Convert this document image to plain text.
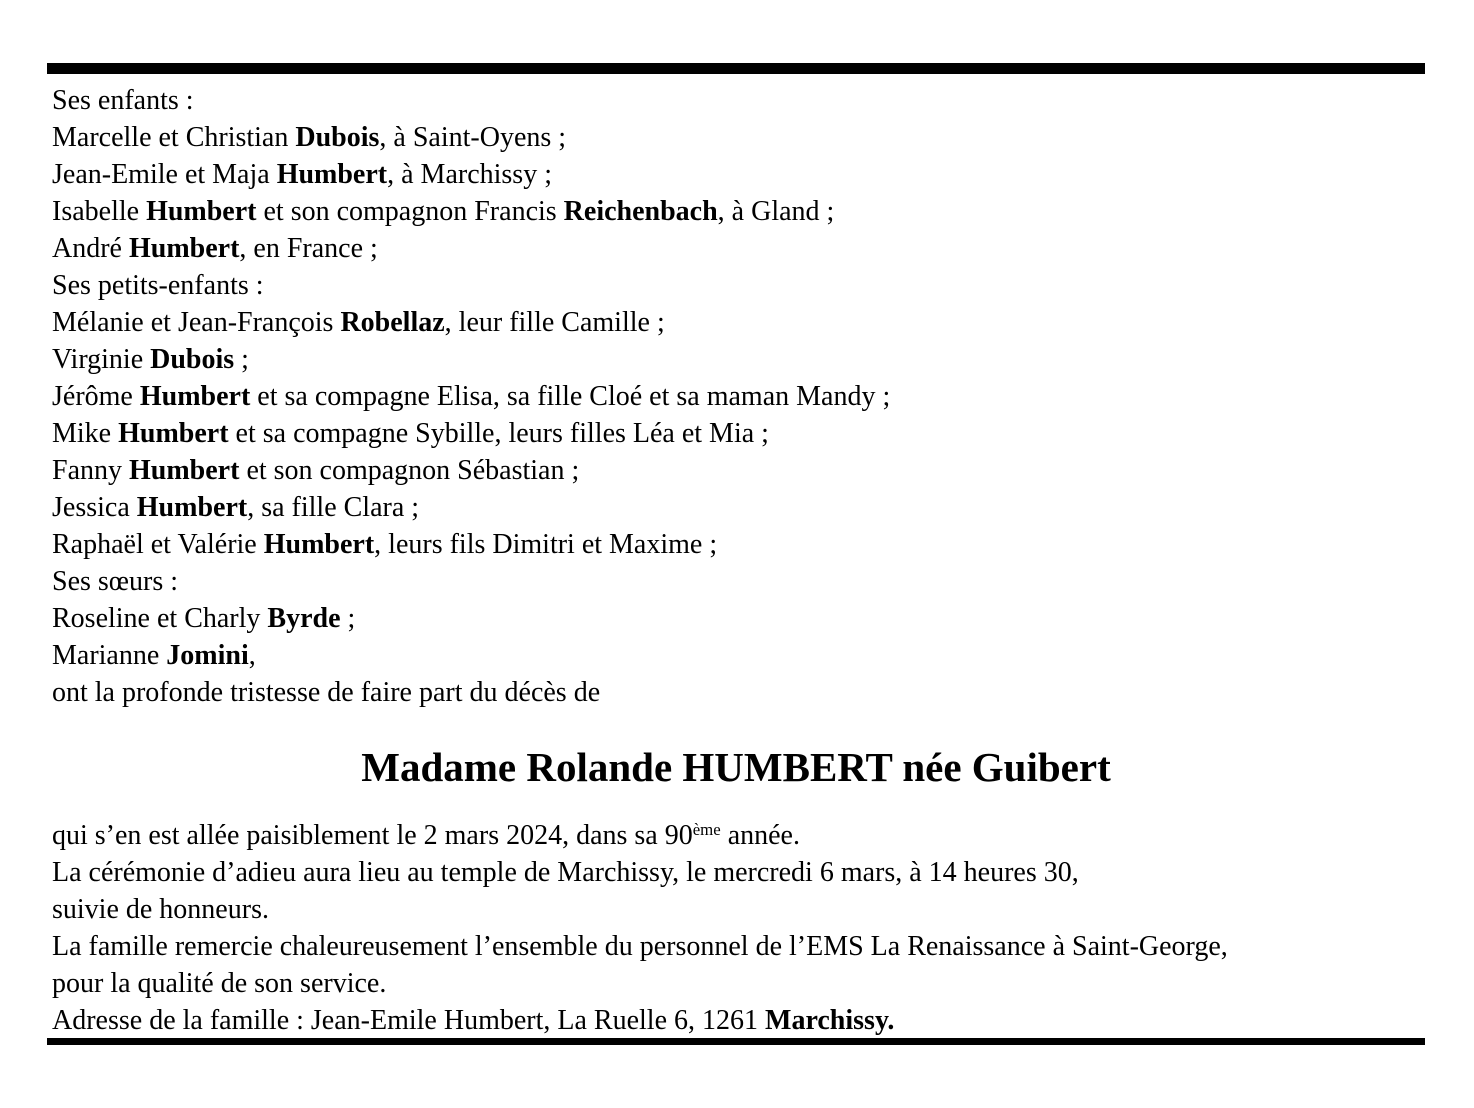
Ses enfants :
Marcelle et Christian Dubois, à Saint-Oyens ;
Jean-Emile et Maja Humbert, à Marchissy ;
Isabelle Humbert et son compagnon Francis Reichenbach, à Gland ;
André Humbert, en France ;
Ses petits-enfants :
Mélanie et Jean-François Robellaz, leur fille Camille ;
Virginie Dubois ;
Jérôme Humbert et sa compagne Elisa, sa fille Cloé et sa maman Mandy ;
Mike Humbert et sa compagne Sybille, leurs filles Léa et Mia ;
Fanny Humbert et son compagnon Sébastian ;
Jessica Humbert, sa fille Clara ;
Raphaël et Valérie Humbert, leurs fils Dimitri et Maxime ;
Ses sœurs :
Roseline et Charly Byrde ;
Marianne Jomini,
ont la profonde tristesse de faire part du décès de
Madame Rolande HUMBERT née Guibert
qui s’en est allée paisiblement le 2 mars 2024, dans sa 90ème année.
La cérémonie d’adieu aura lieu au temple de Marchissy, le mercredi 6 mars, à 14 heures 30,
suivie de honneurs.
La famille remercie chaleureusement l’ensemble du personnel de l’EMS La Renaissance à Saint-George,
pour la qualité de son service.
Adresse de la famille : Jean-Emile Humbert, La Ruelle 6, 1261 Marchissy.
